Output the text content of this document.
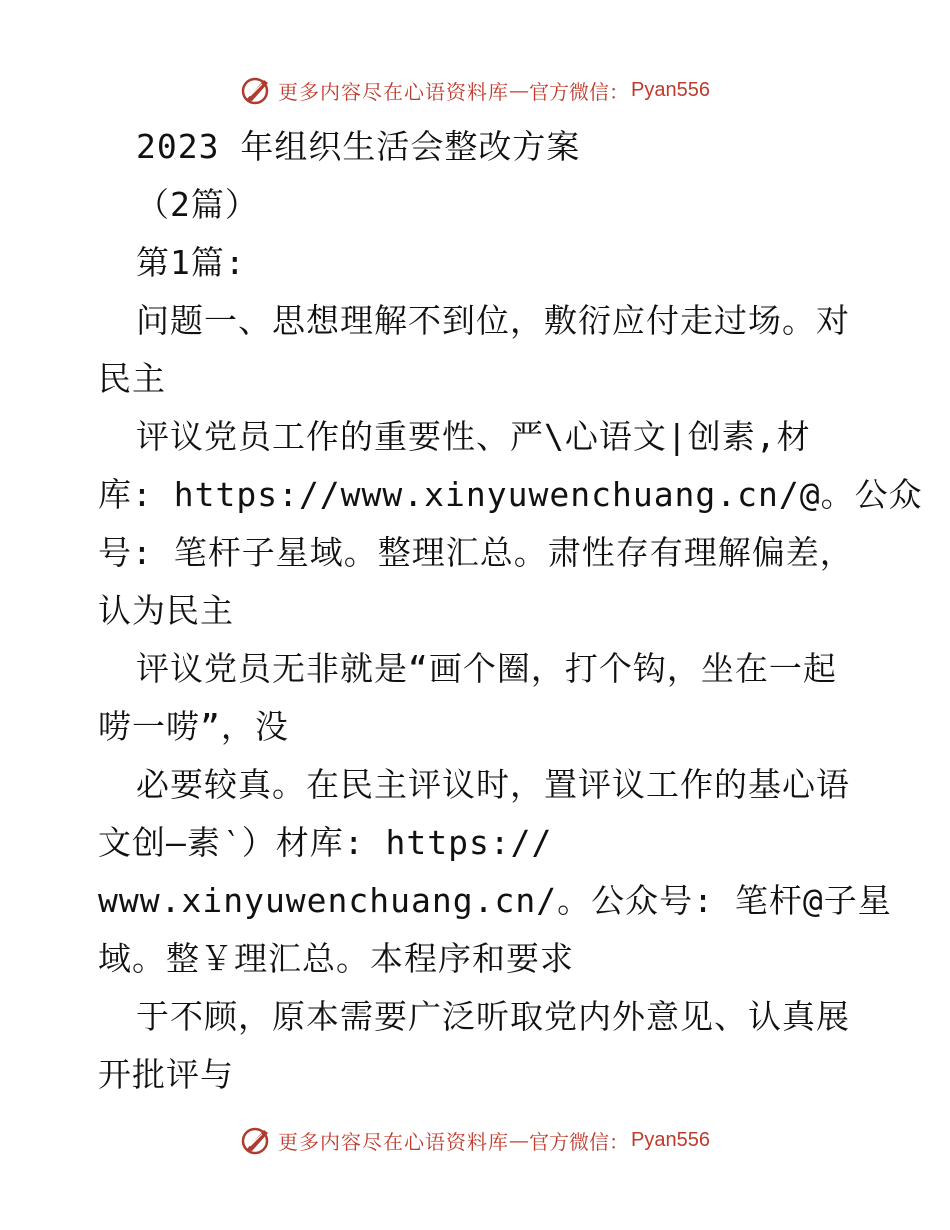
更多内容尽在心语资料库 — 官方微信： Pyan556
2023 年组织生活会整改方案
（2篇）
第1篇:
问题一、思想理解不到位，敷衍应付走过场。对
民主
评议党员工作的重要性、严\心语文|创素,材
库: https://www.xinyuwenchuang.cn/@。公众
号: 笔杆子星域。整理汇总。肃性存有理解偏差，
认为民主
评议党员无非就是“画个圈，打个钩，坐在一起
唠一唠”，没
必要较真。在民主评议时，置评议工作的基心语
文创—素‵）材库: https://
www.xinyuwenchuang.cn/。公众号: 笔杆@子星
域。整￥理汇总。本程序和要求
于不顾，原本需要广泛听取党内外意见、认真展
开批评与
更多内容尽在心语资料库 — 官方微信： Pyan556
